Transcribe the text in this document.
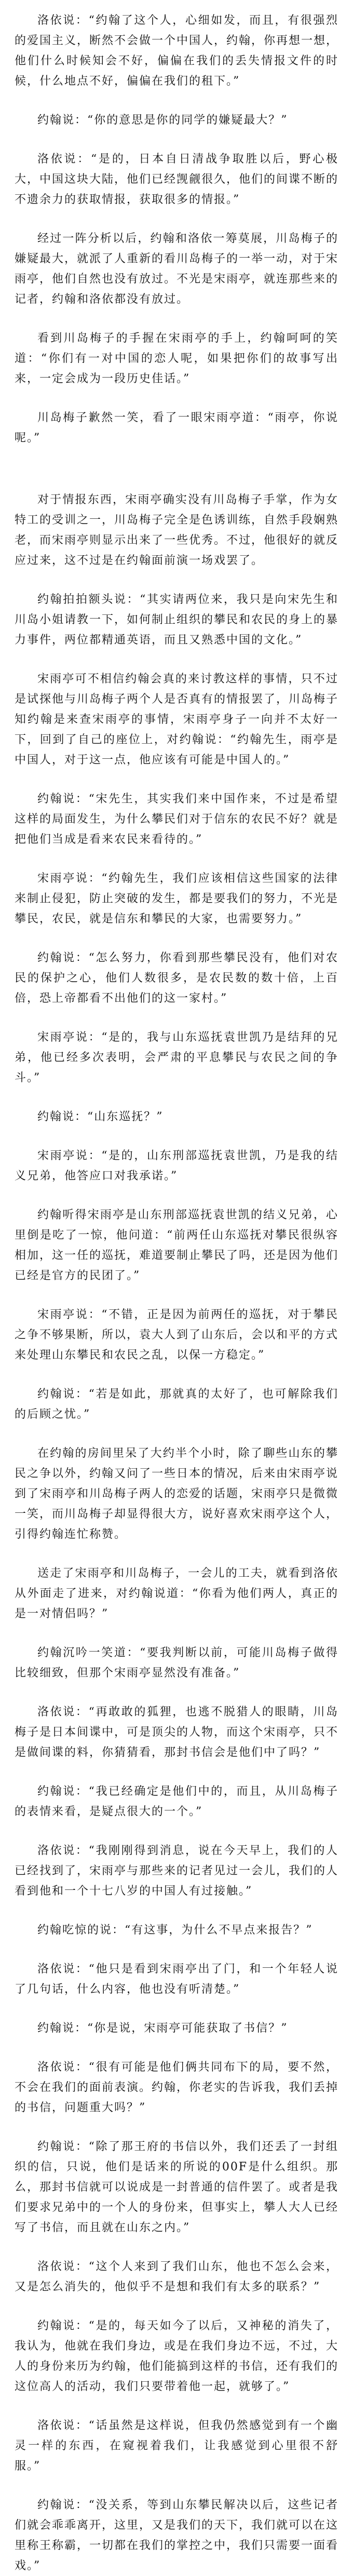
洛依说：“约翰了这个人，心细如发，而且，有很强烈的爱国主义，断然不会做一个中国人，约翰，你再想一想，他们什么时候知会不好，偏偏在我们的丢失情报文件的时候，什么地点不好，偏偏在我们的租下。”

约翰说：“你的意思是你的同学的嫌疑最大？”

洛依说：“是的，日本自日清战争取胜以后，野心极大，中国这块大陆，他们已经觊觎很久，他们的间谍不断的不遗余力的获取情报，获取很多的情报。”

经过一阵分析以后，约翰和洛依一筹莫展，川岛梅子的嫌疑最大，就派了人重新的看川岛梅子的一举一动，对于宋雨亭，他们自然也没有放过。不光是宋雨亭，就连那些来的记者，约翰和洛依都没有放过。

看到川岛梅子的手握在宋雨亭的手上，约翰呵呵的笑道：“你们有一对中国的恋人呢，如果把你们的故事写出来，一定会成为一段历史佳话。”

川岛梅子歉然一笑，看了一眼宋雨亭道：“雨亭，你说呢。”

对于情报东西，宋雨亭确实没有川岛梅子手掌，作为女特工的受训之一，川岛梅子完全是色诱训练，自然手段娴熟老，而宋雨亭则显示出来了一些优秀。不过，他很好的就反应过来，这不过是在约翰面前演一场戏罢了。

约翰拍拍额头说：“其实请两位来，我只是向宋先生和川岛小姐请教一下，如何制止组织的攀民和农民的身上的暴力事件，两位都精通英语，而且又熟悉中国的文化。”

宋雨亭可不相信约翰会真的来讨教这样的事情，只不过是试探他与川岛梅子两个人是否真有的情报罢了，川岛梅子知约翰是来查宋雨亭的事情，宋雨亭身子一向并不太好一下，回到了自己的座位上，对约翰说：“约翰先生，雨亭是中国人，对于这一点，他应该有可能是中国人的。”

约翰说：“宋先生，其实我们来中国作来，不过是希望这样的局面发生，为什么攀民们对于信东的农民不好？就是把他们当成是看来农民来看待的。”

宋雨亭说：“约翰先生，我们应该相信这些国家的法律来制止侵犯，防止突破的发生，都是要我们的努力，不光是攀民，农民，就是信东和攀民的大家，也需要努力。”

约翰说：“怎么努力，你看到那些攀民没有，他们对农民的保护之心，他们人数很多，是农民数的数十倍，上百倍，恐上帝都看不出他们的这一家村。”

宋雨亭说：“是的，我与山东巡抚袁世凯乃是结拜的兄弟，他已经多次表明，会严肃的平息攀民与农民之间的争斗。”

约翰说：“山东巡抚？”

宋雨亭说：“是的，山东刑部巡抚袁世凯，乃是我的结义兄弟，他答应口对我承诺。”

约翰听得宋雨亭是山东刑部巡抚袁世凯的结义兄弟，心里倒是吃了一惊，他问道：“前两任山东巡抚对攀民很纵容相加，这一任的巡抚，难道要制止攀民了吗，还是因为他们已经是官方的民团了。”

宋雨亭说：“不错，正是因为前两任的巡抚，对于攀民之争不够果断，所以，袁大人到了山东后，会以和平的方式来处理山东攀民和农民之乱，以保一方稳定。”

约翰说：“若是如此，那就真的太好了，也可解除我们的后顾之忧。”

在约翰的房间里呆了大约半个小时，除了聊些山东的攀民之争以外，约翰又问了一些日本的情况，后来由宋雨亭说到了宋雨亭和川岛梅子两人的恋爱的话题，宋雨亭只是微微一笑，而川岛梅子却显得很大方，说好喜欢宋雨亭这个人，引得约翰连忙称赞。

送走了宋雨亭和川岛梅子，一会儿的工夫，就看到洛依从外面走了进来，对约翰说道：“你看为他们两人，真正的是一对情侣吗？”

约翰沉吟一笑道：“要我判断以前，可能川岛梅子做得比较细致，但那个宋雨亭显然没有准备。”

洛依说：“再敢敢的狐狸，也逃不脱猎人的眼睛，川岛梅子是日本间谍中，可是顶尖的人物，而这个宋雨亭，只不是做间谍的料，你猜猜看，那封书信会是他们中了吗？”

约翰说：“我已经确定是他们中的，而且，从川岛梅子的表情来看，是疑点很大的一个。”

洛依说：“我刚刚得到消息，说在今天早上，我们的人已经找到了，宋雨亭与那些来的记者见过一会儿，我们的人看到他和一个十七八岁的中国人有过接触。”

约翰吃惊的说：“有这事，为什么不早点来报告？”

洛依说：“他只是看到宋雨亭出了门，和一个年轻人说了几句话，什么内容，他也没有听清楚。”

约翰说：“你是说，宋雨亭可能获取了书信？”

洛依说：“很有可能是他们俩共同布下的局，要不然，不会在我们的面前表演。约翰，你老实的告诉我，我们丢掉的书信，问题重大吗？”

约翰说：“除了那王府的书信以外，我们还丢了一封组织的信，只说，他们是话来的所说的00F是什么组织。那么，那封书信就可以说成是一封普通的信件罢了。或者是我们要求兄弟中的一个人的身份来，但事实上，攀人大人已经写了书信，而且就在山东之内。”

洛依说：“这个人来到了我们山东，他也不怎么会来，又是怎么消失的，他似乎不是想和我们有太多的联系？”

约翰说：“是的，每天如今了以后，又神秘的消失了，我认为，他就在我们身边，或是在我们身边不远，不过，大人的身份来历为约翰，他们能搞到这样的书信，还有我们的这位高人的活动，我们只要带着他一起，就够了。”

洛依说：“话虽然是这样说，但我仍然感觉到有一个幽灵一样的东西，在窥视着我们，让我感觉到心里很不舒服。”

约翰说：“没关系，等到山东攀民解决以后，这些记者们就会乖乖离开，这里，又是我们的天下，我们就可以在这里称王称霸，一切都在我们的掌控之中，我们只需要一面看戏。”
